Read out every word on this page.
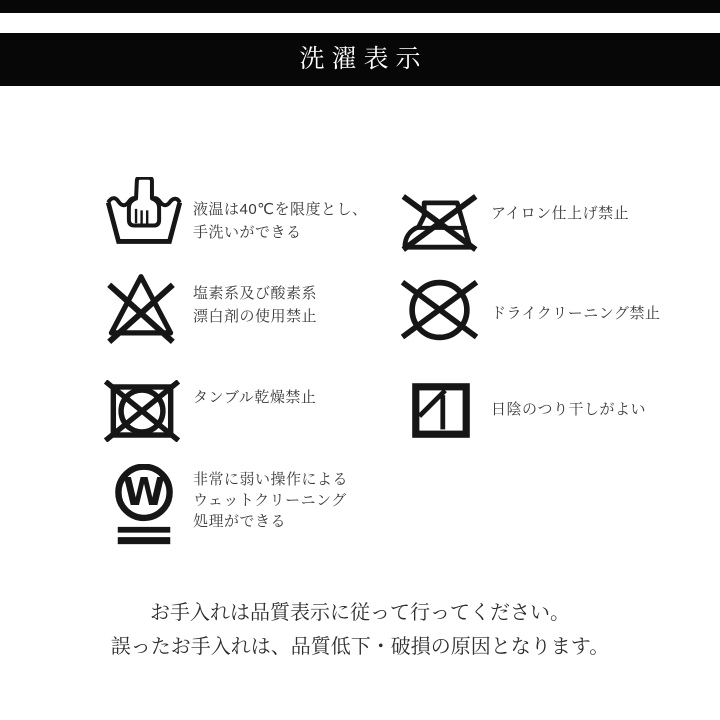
洗濯表示
液温は40℃を限度とし、
手洗いができる
アイロン仕上げ禁止
塩素系及び酸素系
漂白剤の使用禁止	ドライクリーニング禁止
タンブル乾燥禁止
日陰のつり干しがよい
W 非常に弱い操作による
ウェットクリーニング
処理ができる
お手入れは品質表示に従って行ってください。
誤ったお手入れは、品質低下・破損の原因となります。
